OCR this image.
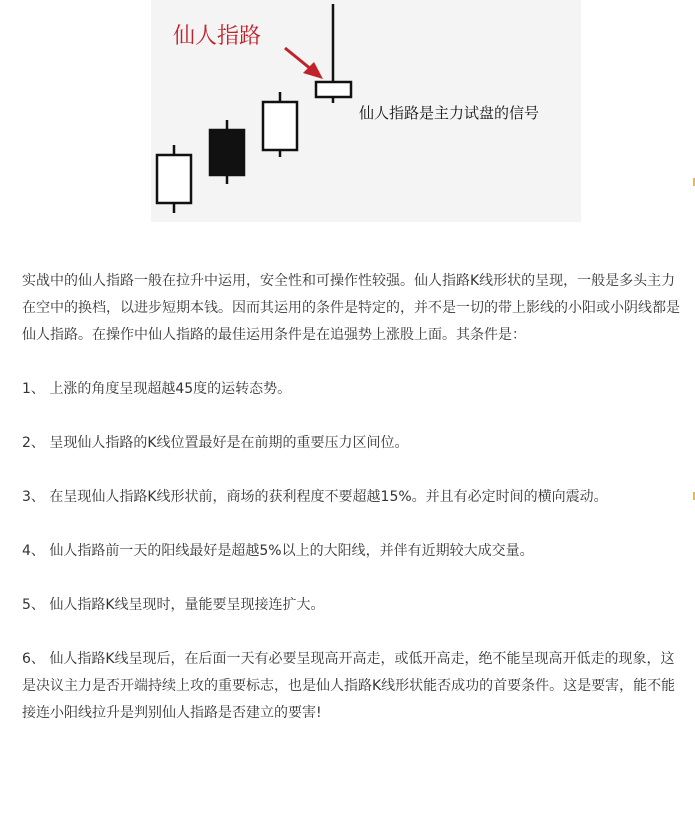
仙人指路
仙人指路是主力试盘的信号

实战中的仙人指路一般在拉升中运用，安全性和可操作性较强。仙人指路K线形状的呈现，一般是多头主力在空中的换档，以进步短期本钱。因而其运用的条件是特定的，并不是一切的带上影线的小阳或小阴线都是仙人指路。在操作中仙人指路的最佳运用条件是在追强势上涨股上面。其条件是：

1、 上涨的角度呈现超越45度的运转态势。

2、 呈现仙人指路的K线位置最好是在前期的重要压力区间位。

3、 在呈现仙人指路K线形状前，商场的获利程度不要超越15%。并且有必定时间的横向震动。

4、 仙人指路前一天的阳线最好是超越5%以上的大阳线，并伴有近期较大成交量。

5、 仙人指路K线呈现时，量能要呈现接连扩大。

6、 仙人指路K线呈现后，在后面一天有必要呈现高开高走，或低开高走，绝不能呈现高开低走的现象，这是决议主力是否开端持续上攻的重要标志，也是仙人指路K线形状能否成功的首要条件。这是要害，能不能接连小阳线拉升是判别仙人指路是否建立的要害!
